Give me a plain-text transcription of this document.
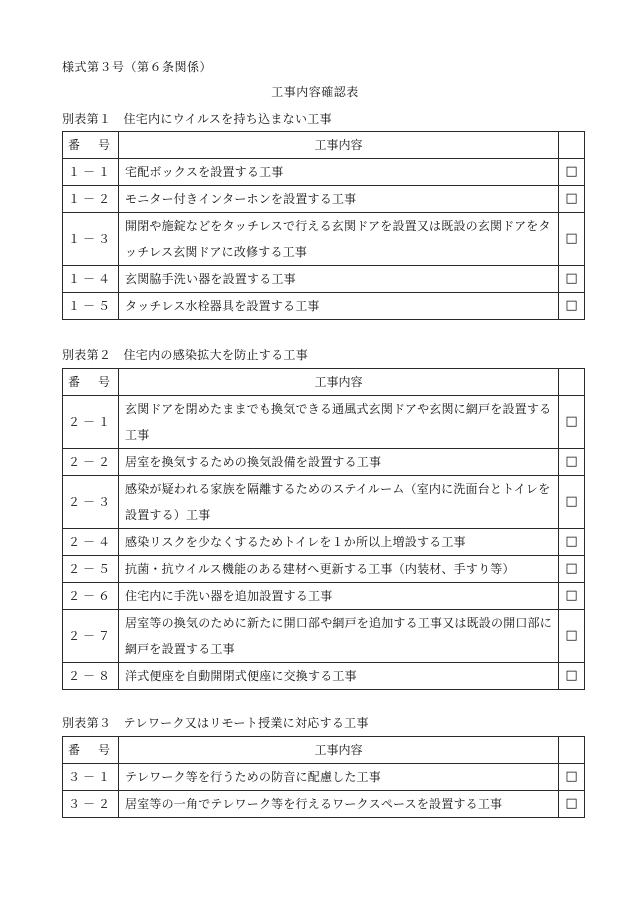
様式第３号（第６条関係）
工事内容確認表
別表第１　住宅内にウイルスを持ち込まない工事
番　号	工事内容	
１－１	宅配ボックスを設置する工事	□
１－２	モニター付きインターホンを設置する工事	□
１－３	開閉や施錠などをタッチレスで行える玄関ドアを設置又は既設の玄関ドアをタッチレス玄関ドアに改修する工事	□
１－４	玄関脇手洗い器を設置する工事	□
１－５	タッチレス水栓器具を設置する工事	□
別表第２　住宅内の感染拡大を防止する工事
番　号	工事内容	
２－１	玄関ドアを閉めたままでも換気できる通風式玄関ドアや玄関に網戸を設置する工事	□
２－２	居室を換気するための換気設備を設置する工事	□
２－３	感染が疑われる家族を隔離するためのステイルーム（室内に洗面台とトイレを設置する）工事	□
２－４	感染リスクを少なくするためトイレを１か所以上増設する工事	□
２－５	抗菌・抗ウイルス機能のある建材へ更新する工事（内装材、手すり等）	□
２－６	住宅内に手洗い器を追加設置する工事	□
２－７	居室等の換気のために新たに開口部や網戸を追加する工事又は既設の開口部に網戸を設置する工事	□
２－８	洋式便座を自動開閉式便座に交換する工事	□
別表第３　テレワーク又はリモート授業に対応する工事
番　号	工事内容	
３－１	テレワーク等を行うための防音に配慮した工事	□
３－２	居室等の一角でテレワーク等を行えるワークスペースを設置する工事	□
